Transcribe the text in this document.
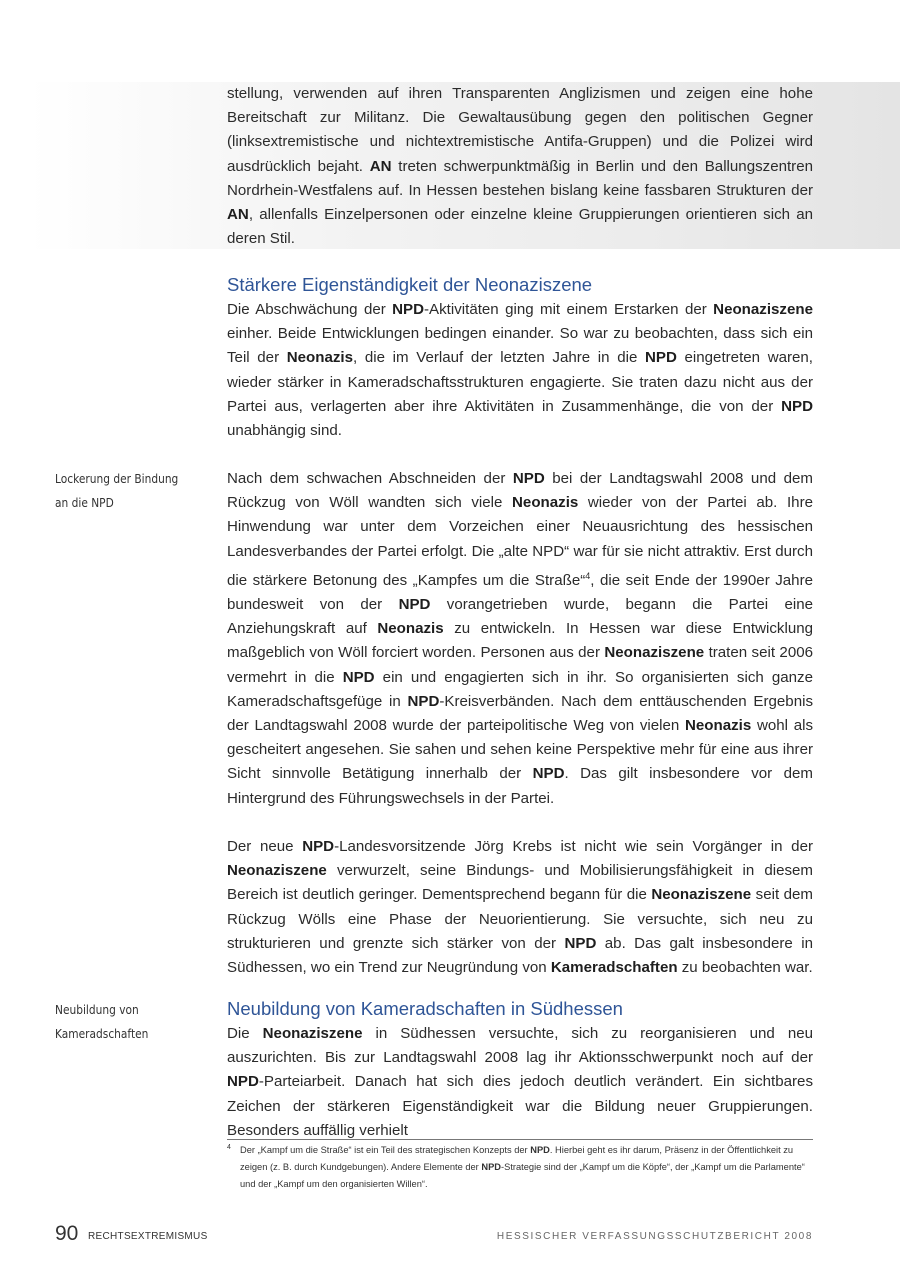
stellung, verwenden auf ihren Transparenten Anglizismen und zeigen eine hohe Bereitschaft zur Militanz. Die Gewaltausübung gegen den politischen Gegner (linksextremistische und nichtextremistische Antifa-Gruppen) und die Polizei wird ausdrücklich bejaht. AN treten schwerpunktmäßig in Berlin und den Ballungszentren Nordrhein-Westfalens auf. In Hessen bestehen bislang keine fassbaren Strukturen der AN, allenfalls Einzelpersonen oder einzelne kleine Gruppierungen orientieren sich an deren Stil.

Stärkere Eigenständigkeit der Neonaziszene

Die Abschwächung der NPD-Aktivitäten ging mit einem Erstarken der Neonaziszene einher. Beide Entwicklungen bedingen einander. So war zu beobachten, dass sich ein Teil der Neonazis, die im Verlauf der letzten Jahre in die NPD eingetreten waren, wieder stärker in Kameradschaftsstrukturen engagierte. Sie traten dazu nicht aus der Partei aus, verlagerten aber ihre Aktivitäten in Zusammenhänge, die von der NPD unabhängig sind.

Lockerung der Bindung
an die NPD

Nach dem schwachen Abschneiden der NPD bei der Landtagswahl 2008 und dem Rückzug von Wöll wandten sich viele Neonazis wieder von der Partei ab. Ihre Hinwendung war unter dem Vorzeichen einer Neuausrichtung des hessischen Landesverbandes der Partei erfolgt. Die „alte NPD“ war für sie nicht attraktiv. Erst durch die stärkere Betonung des „Kampfes um die Straße“$^4$, die seit Ende der 1990er Jahre bundesweit von der NPD vorangetrieben wurde, begann die Partei eine Anziehungskraft auf Neonazis zu entwickeln. In Hessen war diese Entwicklung maßgeblich von Wöll forciert worden. Personen aus der Neonaziszene traten seit 2006 vermehrt in die NPD ein und engagierten sich in ihr. So organisierten sich ganze Kameradschaftsgefüge in NPD-Kreisverbänden. Nach dem enttäuschenden Ergebnis der Landtagswahl 2008 wurde der parteipolitische Weg von vielen Neonazis wohl als gescheitert angesehen. Sie sahen und sehen keine Perspektive mehr für eine aus ihrer Sicht sinnvolle Betätigung innerhalb der NPD. Das gilt insbesondere vor dem Hintergrund des Führungswechsels in der Partei.

Der neue NPD-Landesvorsitzende Jörg Krebs ist nicht wie sein Vorgänger in der Neonaziszene verwurzelt, seine Bindungs- und Mobilisierungsfähigkeit in diesem Bereich ist deutlich geringer. Dementsprechend begann für die Neonaziszene seit dem Rückzug Wölls eine Phase der Neuorientierung. Sie versuchte, sich neu zu strukturieren und grenzte sich stärker von der NPD ab. Das galt insbesondere in Südhessen, wo ein Trend zur Neugründung von Kameradschaften zu beobachten war.

Neubildung von
Kameradschaften
Neubildung von Kameradschaften in Südhessen

Die Neonaziszene in Südhessen versuchte, sich zu reorganisieren und neu auszurichten. Bis zur Landtagswahl 2008 lag ihr Aktionsschwerpunkt noch auf der NPD-Parteiarbeit. Danach hat sich dies jedoch deutlich verändert. Ein sichtbares Zeichen der stärkeren Eigenständigkeit war die Bildung neuer Gruppierungen. Besonders auffällig verhielt

4 Der „Kampf um die Straße“ ist ein Teil des strategischen Konzepts der NPD. Hierbei geht es ihr darum, Präsenz in der Öffentlichkeit zu zeigen (z. B. durch Kundgebungen). Andere Elemente der NPD-Strategie sind der „Kampf um die Köpfe“, der „Kampf um die Parlamente“ und der „Kampf um den organisierten Willen“.
90 RECHTSEXTREMISMUS	HESSISCHER VERFASSUNGSSCHUTZBERICHT 2008
